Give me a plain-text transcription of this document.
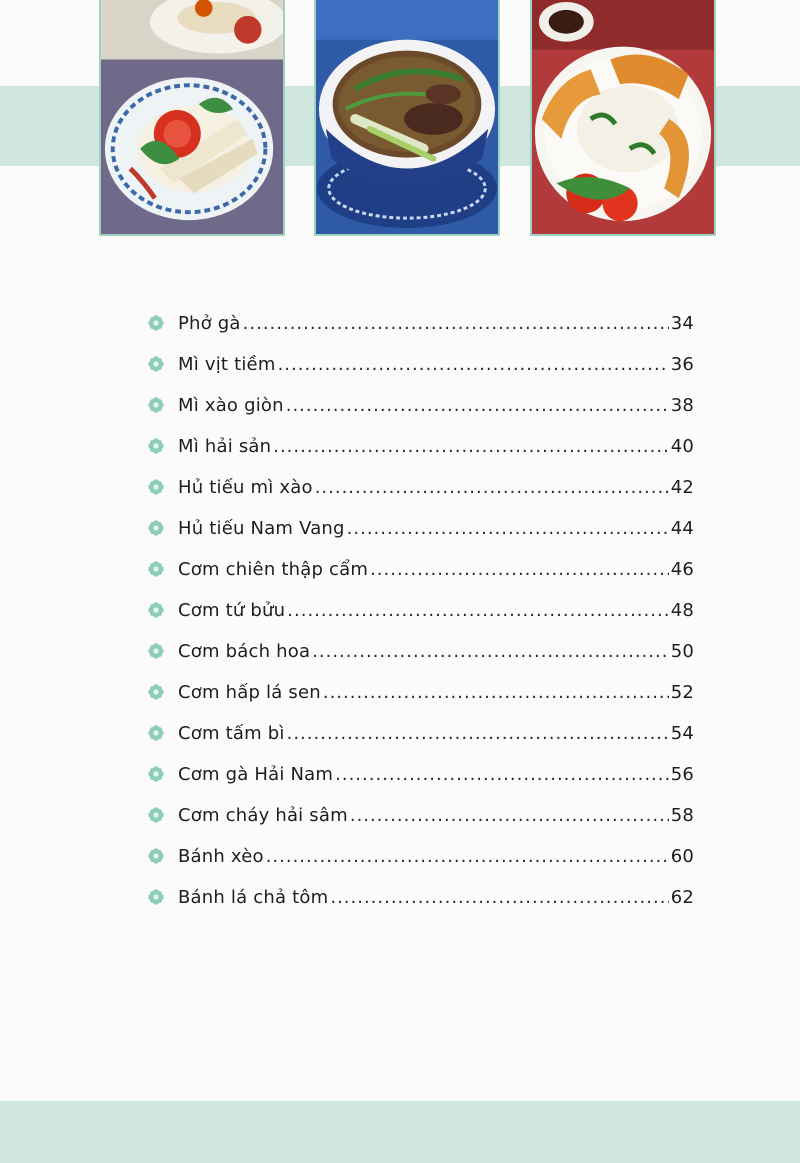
Phở gà .....	34
Mì vịt tiềm .....	36
Mì xào giòn .....	38
Mì hải sản .....	40
Hủ tiếu mì xào .....	42
Hủ tiếu Nam Vang .....	44
Cơm chiên thập cẩm .....	46
Cơm tứ bửu .....	48
Cơm bách hoa .....	50
Cơm hấp lá sen .....	52
Cơm tấm bì .....	54
Cơm gà Hải Nam .....	56
Cơm cháy hải sâm .....	58
Bánh xèo .....	60
Bánh lá chả tôm .....	62
